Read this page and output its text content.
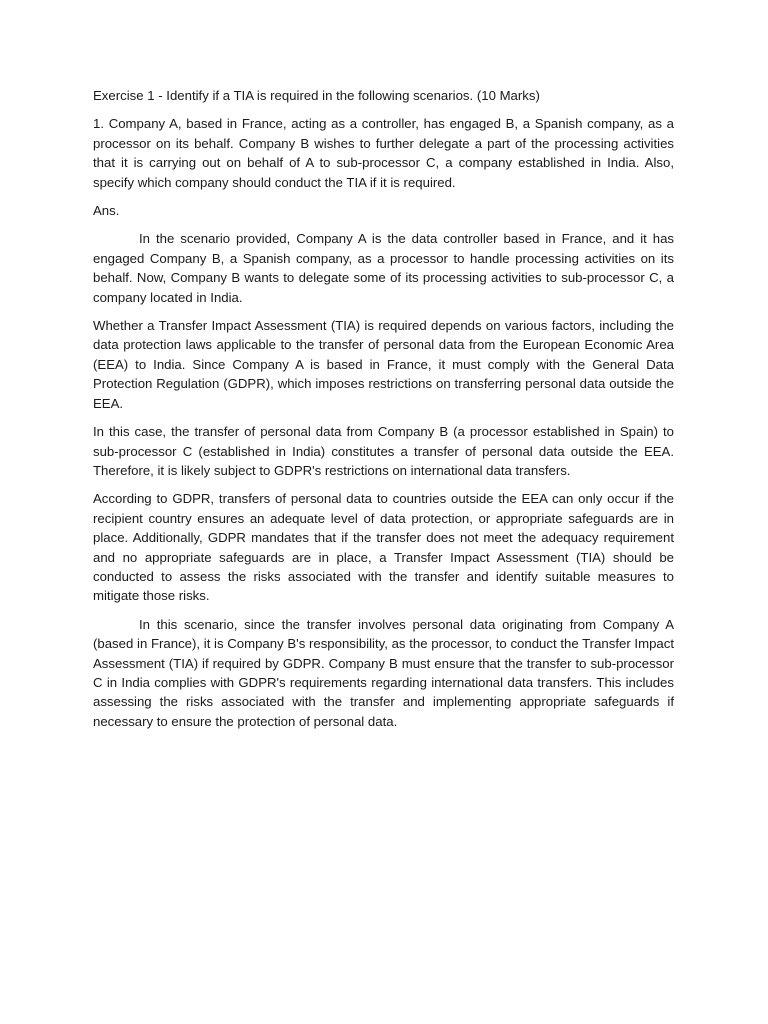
Exercise 1 - Identify if a TIA is required in the following scenarios. (10 Marks)

1. Company A, based in France, acting as a controller, has engaged B, a Spanish company, as a processor on its behalf. Company B wishes to further delegate a part of the processing activities that it is carrying out on behalf of A to sub-processor C, a company established in India. Also, specify which company should conduct the TIA if it is required.

Ans.

In the scenario provided, Company A is the data controller based in France, and it has engaged Company B, a Spanish company, as a processor to handle processing activities on its behalf. Now, Company B wants to delegate some of its processing activities to sub-processor C, a company located in India.

Whether a Transfer Impact Assessment (TIA) is required depends on various factors, including the data protection laws applicable to the transfer of personal data from the European Economic Area (EEA) to India. Since Company A is based in France, it must comply with the General Data Protection Regulation (GDPR), which imposes restrictions on transferring personal data outside the EEA.

In this case, the transfer of personal data from Company B (a processor established in Spain) to sub-processor C (established in India) constitutes a transfer of personal data outside the EEA. Therefore, it is likely subject to GDPR's restrictions on international data transfers.

According to GDPR, transfers of personal data to countries outside the EEA can only occur if the recipient country ensures an adequate level of data protection, or appropriate safeguards are in place. Additionally, GDPR mandates that if the transfer does not meet the adequacy requirement and no appropriate safeguards are in place, a Transfer Impact Assessment (TIA) should be conducted to assess the risks associated with the transfer and identify suitable measures to mitigate those risks.

In this scenario, since the transfer involves personal data originating from Company A (based in France), it is Company B's responsibility, as the processor, to conduct the Transfer Impact Assessment (TIA) if required by GDPR. Company B must ensure that the transfer to sub-processor C in India complies with GDPR's requirements regarding international data transfers. This includes assessing the risks associated with the transfer and implementing appropriate safeguards if necessary to ensure the protection of personal data.
